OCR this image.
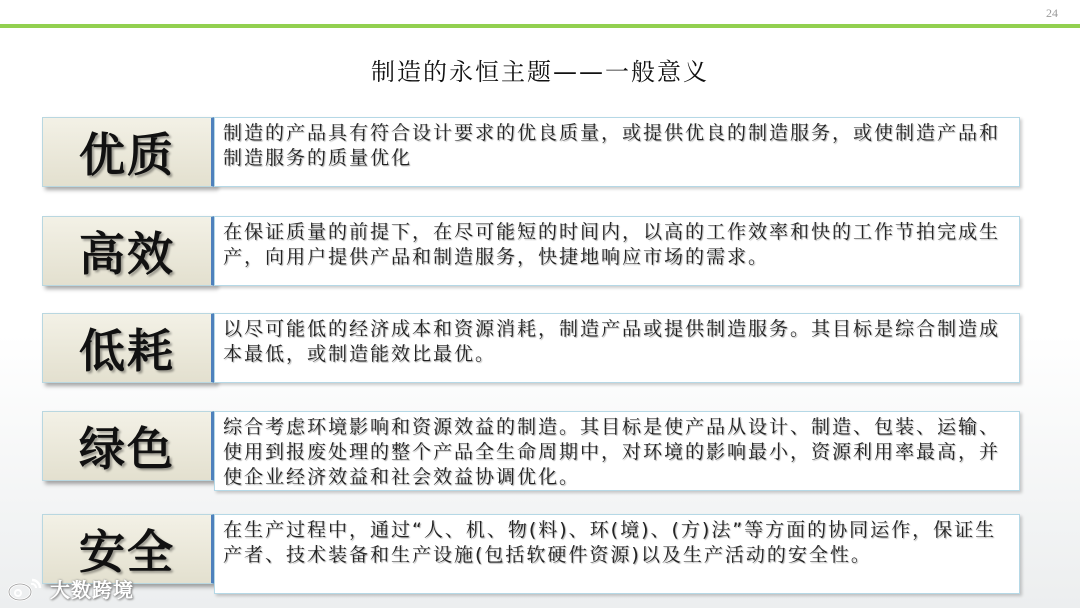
24
制造的永恒主题——一般意义
优质	制造的产品具有符合设计要求的优良质量，或提供优良的制造服务，或使制造产品和制造服务的质量优化
高效	在保证质量的前提下，在尽可能短的时间内，以高的工作效率和快的工作节拍完成生产，向用户提供产品和制造服务，快捷地响应市场的需求。
低耗	以尽可能低的经济成本和资源消耗，制造产品或提供制造服务。其目标是综合制造成本最低，或制造能效比最优。
绿色	综合考虑环境影响和资源效益的制造。其目标是使产品从设计、制造、包装、运输、使用到报废处理的整个产品全生命周期中，对环境的影响最小，资源利用率最高，并使企业经济效益和社会效益协调优化。
安全	在生产过程中，通过“人、机、物(料)、环(境)、(方)法”等方面的协同运作，保证生产者、技术装备和生产设施(包括软硬件资源)以及生产活动的安全性。
大数跨境
